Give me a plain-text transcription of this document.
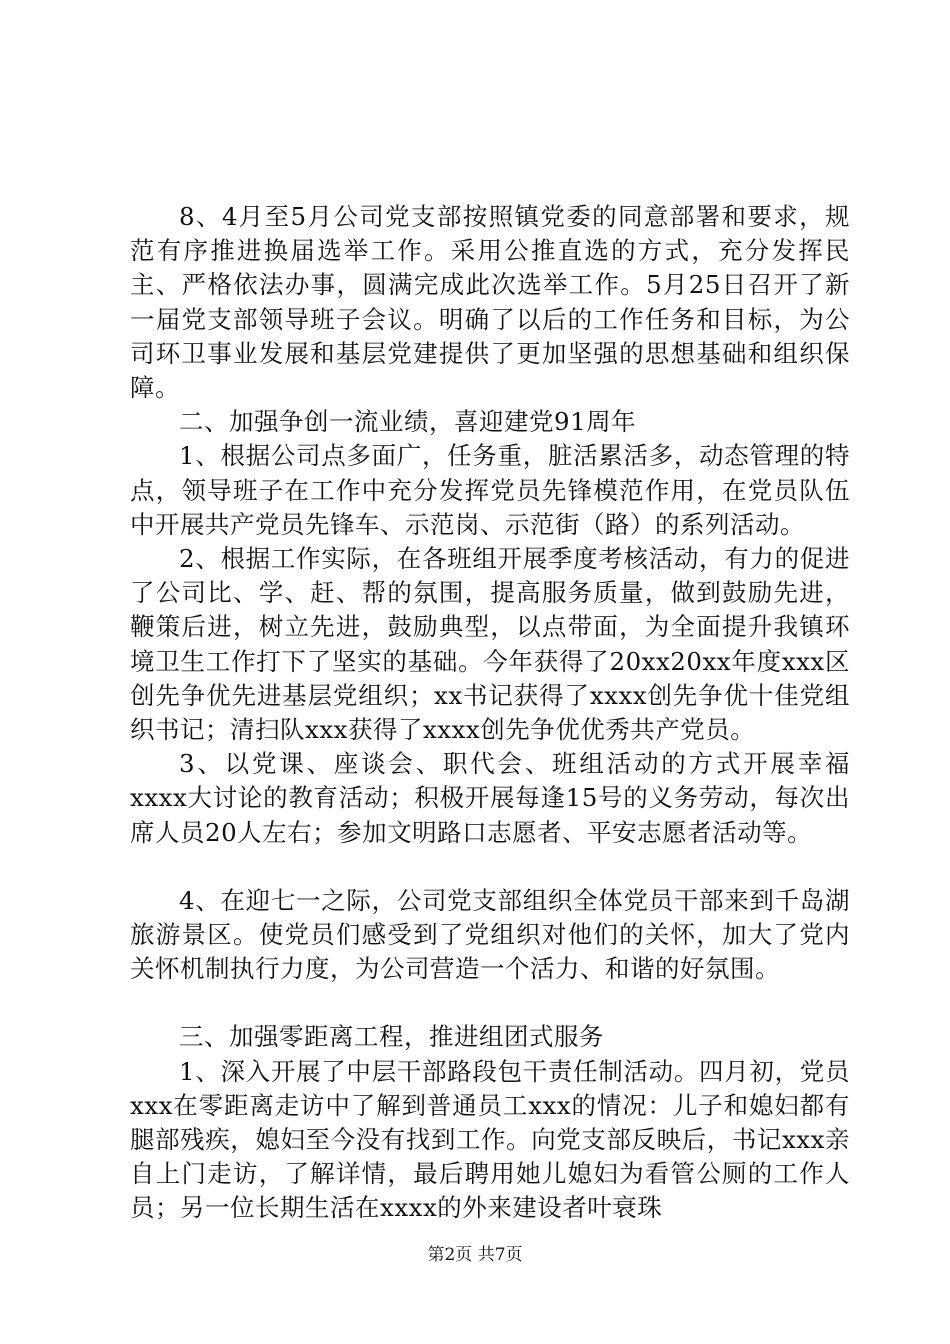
8、4月至5月公司党支部按照镇党委的同意部署和要求，规范有序推进换届选举工作。采用公推直选的方式，充分发挥民主、严格依法办事，圆满完成此次选举工作。5月25日召开了新一届党支部领导班子会议。明确了以后的工作任务和目标，为公司环卫事业发展和基层党建提供了更加坚强的思想基础和组织保障。

二、加强争创一流业绩，喜迎建党91周年

1、根据公司点多面广，任务重，脏活累活多，动态管理的特点，领导班子在工作中充分发挥党员先锋模范作用，在党员队伍中开展共产党员先锋车、示范岗、示范街（路）的系列活动。

2、根据工作实际，在各班组开展季度考核活动，有力的促进了公司比、学、赶、帮的氛围，提高服务质量，做到鼓励先进，鞭策后进，树立先进，鼓励典型，以点带面，为全面提升我镇环境卫生工作打下了坚实的基础。今年获得了20xx20xx年度xxx区创先争优先进基层党组织；xx书记获得了xxxx创先争优十佳党组织书记；清扫队xxx获得了xxxx创先争优优秀共产党员。

3、以党课、座谈会、职代会、班组活动的方式开展幸福xxxx大讨论的教育活动；积极开展每逢15号的义务劳动，每次出席人员20人左右；参加文明路口志愿者、平安志愿者活动等。

4、在迎七一之际，公司党支部组织全体党员干部来到千岛湖旅游景区。使党员们感受到了党组织对他们的关怀，加大了党内关怀机制执行力度，为公司营造一个活力、和谐的好氛围。

三、加强零距离工程，推进组团式服务

1、深入开展了中层干部路段包干责任制活动。四月初，党员xxx在零距离走访中了解到普通员工xxx的情况：儿子和媳妇都有腿部残疾，媳妇至今没有找到工作。向党支部反映后，书记xxx亲自上门走访，了解详情，最后聘用她儿媳妇为看管公厕的工作人员；另一位长期生活在xxxx的外来建设者叶衰珠

第2页 共7页
